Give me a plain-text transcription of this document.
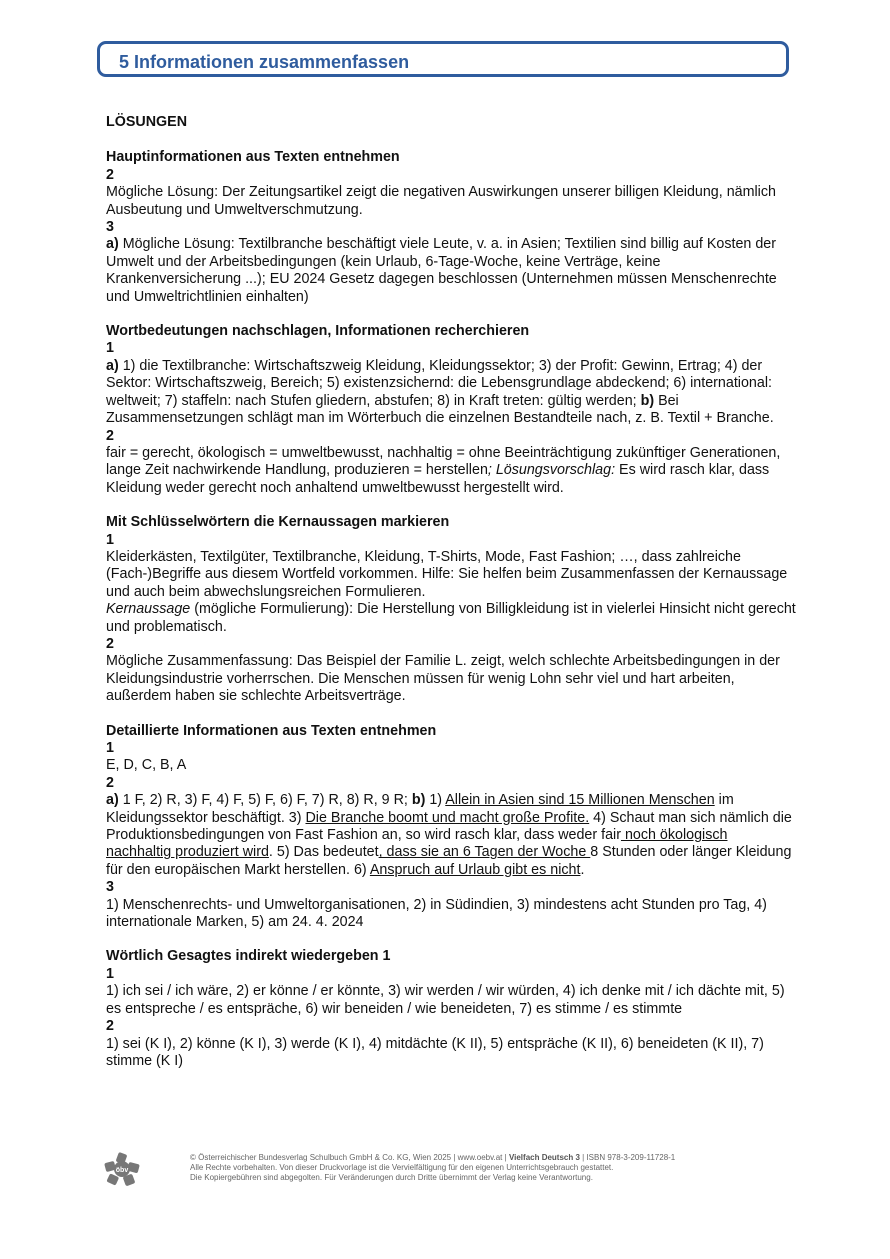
5 Informationen zusammenfassen
LÖSUNGEN

Hauptinformationen aus Texten entnehmen

2

Mögliche Lösung: Der Zeitungsartikel zeigt die negativen Auswirkungen unserer billigen Kleidung, nämlich Ausbeutung und Umweltverschmutzung.

3

a) Mögliche Lösung: Textilbranche beschäftigt viele Leute, v. a. in Asien; Textilien sind billig auf Kosten der Umwelt und der Arbeitsbedingungen (kein Urlaub, 6-Tage-Woche, keine Verträge, keine Krankenversicherung ...); EU 2024 Gesetz dagegen beschlossen (Unternehmen müssen Menschenrechte und Umweltrichtlinien einhalten)

Wortbedeutungen nachschlagen, Informationen recherchieren

1

a) 1) die Textilbranche: Wirtschaftszweig Kleidung, Kleidungssektor; 3) der Profit: Gewinn, Ertrag; 4) der Sektor: Wirtschaftszweig, Bereich; 5) existenzsichernd: die Lebensgrundlage abdeckend; 6) international: weltweit; 7) staffeln: nach Stufen gliedern, abstufen; 8) in Kraft treten: gültig werden; b) Bei Zusammensetzungen schlägt man im Wörterbuch die einzelnen Bestandteile nach, z. B. Textil + Branche.

2

fair = gerecht, ökologisch = umweltbewusst, nachhaltig = ohne Beeinträchtigung zukünftiger Generationen, lange Zeit nachwirkende Handlung, produzieren = herstellen; Lösungsvorschlag: Es wird rasch klar, dass Kleidung weder gerecht noch anhaltend umweltbewusst hergestellt wird.

Mit Schlüsselwörtern die Kernaussagen markieren

1

Kleiderkästen, Textilgüter, Textilbranche, Kleidung, T-Shirts, Mode, Fast Fashion; …, dass zahlreiche (Fach-)Begriffe aus diesem Wortfeld vorkommen. Hilfe: Sie helfen beim Zusammenfassen der Kernaussage und auch beim abwechslungsreichen Formulieren.

Kernaussage (mögliche Formulierung): Die Herstellung von Billigkleidung ist in vielerlei Hinsicht nicht gerecht und problematisch.

2

Mögliche Zusammenfassung: Das Beispiel der Familie L. zeigt, welch schlechte Arbeitsbedingungen in der Kleidungsindustrie vorherrschen. Die Menschen müssen für wenig Lohn sehr viel und hart arbeiten, außerdem haben sie schlechte Arbeitsverträge.

Detaillierte Informationen aus Texten entnehmen

1

E, D, C, B, A

2

a) 1 F, 2) R, 3) F, 4) F, 5) F, 6) F, 7) R, 8) R, 9 R; b) 1) Allein in Asien sind 15 Millionen Menschen im Kleidungssektor beschäftigt. 3) Die Branche boomt und macht große Profite. 4) Schaut man sich nämlich die Produktionsbedingungen von Fast Fashion an, so wird rasch klar, dass weder fair noch ökologisch nachhaltig produziert wird. 5) Das bedeutet, dass sie an 6 Tagen der Woche 8 Stunden oder länger Kleidung für den europäischen Markt herstellen. 6) Anspruch auf Urlaub gibt es nicht.

3

1) Menschenrechts- und Umweltorganisationen, 2) in Südindien, 3) mindestens acht Stunden pro Tag, 4) internationale Marken, 5) am 24. 4. 2024

Wörtlich Gesagtes indirekt wiedergeben 1

1

1) ich sei / ich wäre, 2) er könne / er könnte, 3) wir werden / wir würden, 4) ich denke mit / ich dächte mit, 5) es entspreche / es entspräche, 6) wir beneiden / wie beneideten, 7) es stimme / es stimmte

2

1) sei (K I), 2) könne (K I), 3) werde (K I), 4) mitdächte (K II), 5) entspräche (K II), 6) beneideten (K II), 7) stimme (K I)

öbv
© Österreichischer Bundesverlag Schulbuch GmbH & Co. KG, Wien 2025 | www.oebv.at | Vielfach Deutsch 3 | ISBN 978-3-209-11728-1
Alle Rechte vorbehalten. Von dieser Druckvorlage ist die Vervielfältigung für den eigenen Unterrichtsgebrauch gestattet.
Die Kopiergebühren sind abgegolten. Für Veränderungen durch Dritte übernimmt der Verlag keine Verantwortung.
